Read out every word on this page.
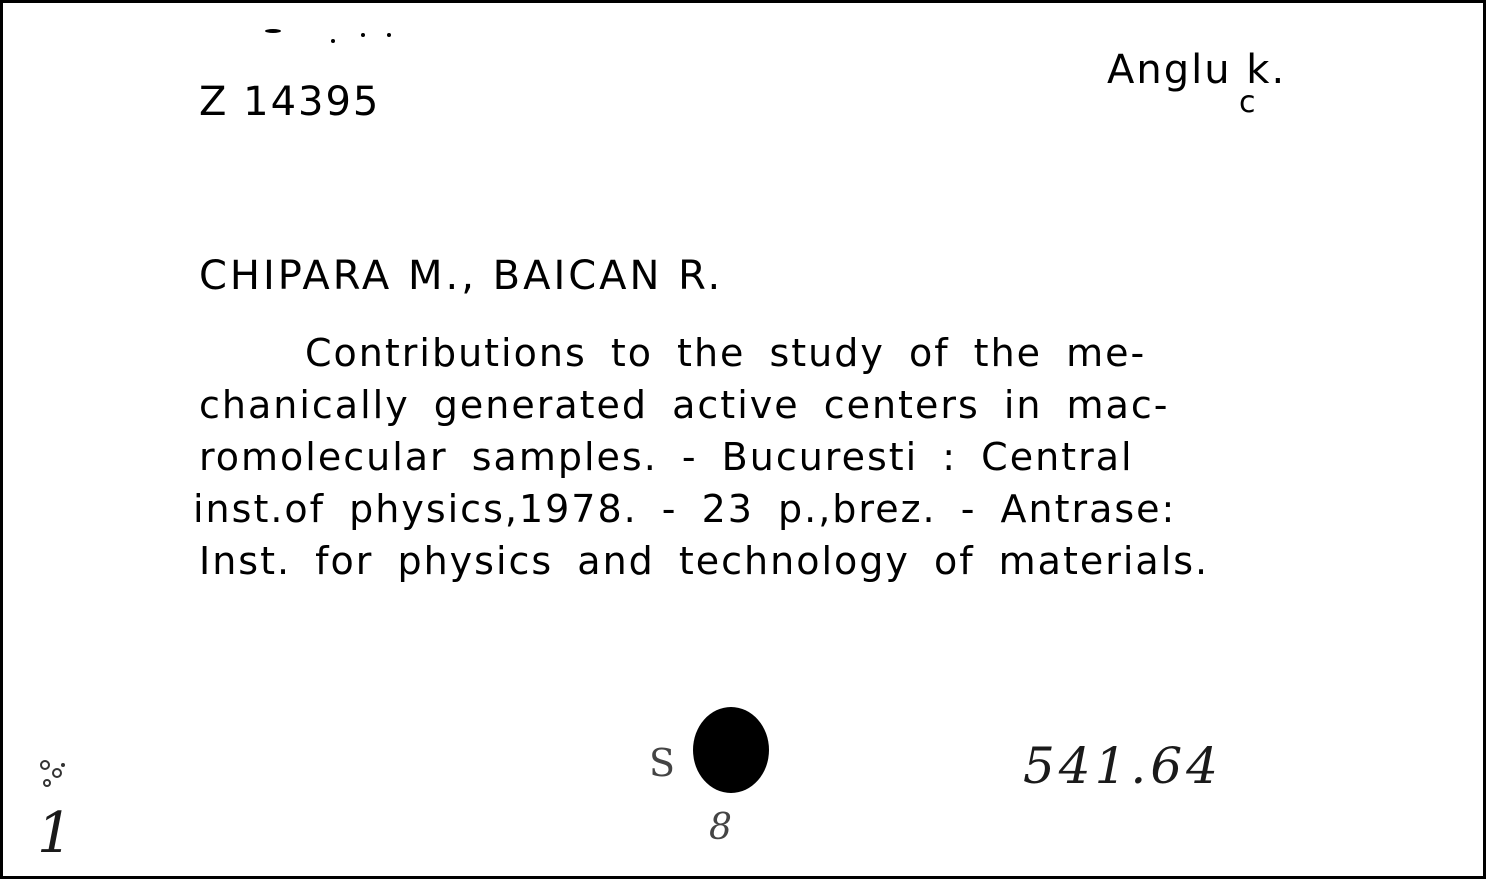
Z 14395
Anglu k.
c
CHIPARA M., BAICAN R.
Contributions to the study of the me-
chanically generated active centers in mac-
romolecular samples. - Bucuresti : Central
inst.of physics,1978. - 23 p.,brez. - Antrase:
Inst. for physics and technology of materials.
S
8
541.64
1
